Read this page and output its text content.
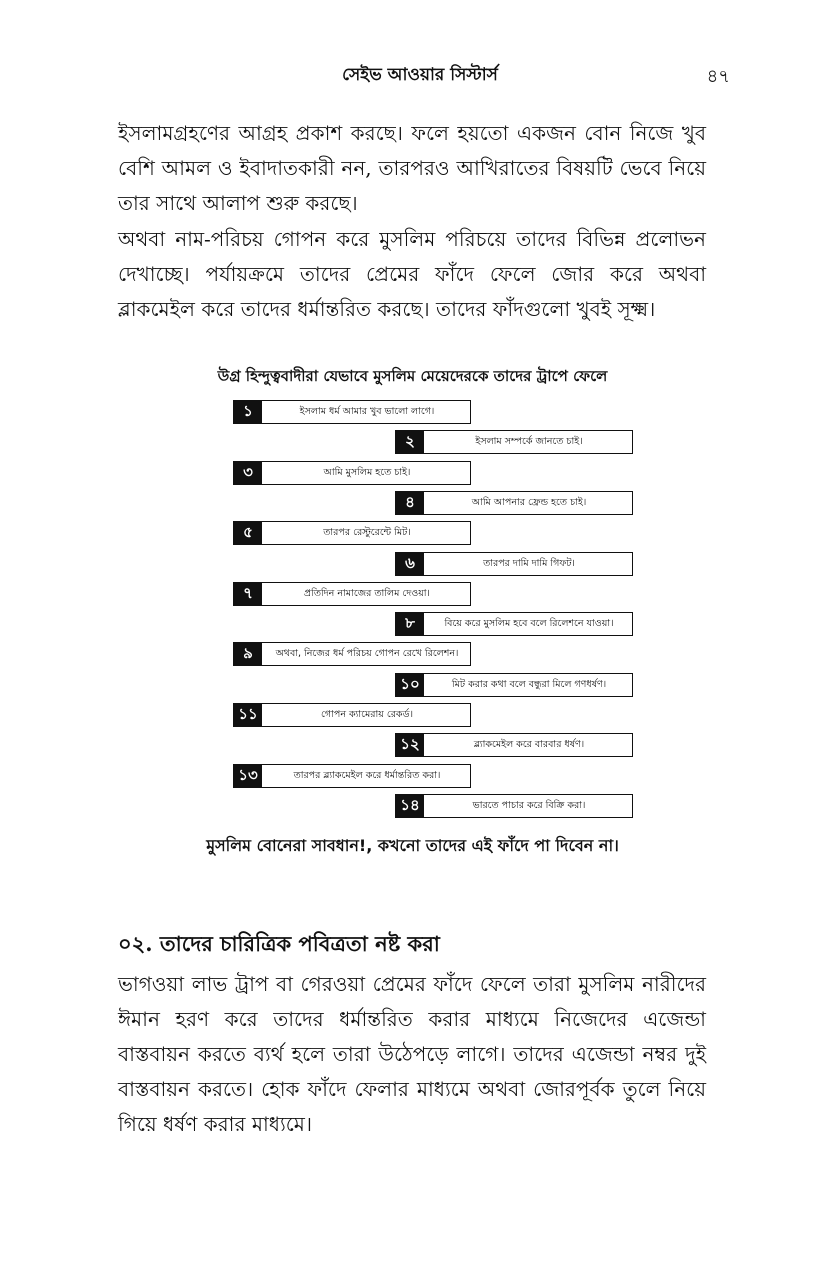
সেইভ আওয়ার সিস্টার্স	৪৭

ইসলামগ্রহণের আগ্রহ প্রকাশ করছে। ফলে হয়তো একজন বোন নিজে খুব বেশি আমল ও ইবাদাতকারী নন, তারপরও আখিরাতের বিষয়টি ভেবে নিয়ে তার সাথে আলাপ শুরু করছে।

অথবা নাম-পরিচয় গোপন করে মুসলিম পরিচয়ে তাদের বিভিন্ন প্রলোভন দেখাচ্ছে। পর্যায়ক্রমে তাদের প্রেমের ফাঁদে ফেলে জোর করে অথবা ব্লাকমেইল করে তাদের ধর্মান্তরিত করছে। তাদের ফাঁদগুলো খুবই সূক্ষ্ম।

উগ্র হিন্দুত্ববাদীরা যেভাবে মুসলিম মেয়েদেরকে তাদের ট্রাপে ফেলে
১	ইসলাম ধর্ম আমার খুব ভালো লাগে।
২	ইসলাম সম্পর্কে জানতে চাই।
৩	আমি মুসলিম হতে চাই।
৪	আমি আপনার ফ্রেন্ড হতে চাই।
৫	তারপর রেস্টুরেন্টে মিট।
৬	তারপর দামি দামি গিফট।
৭	প্রতিদিন নামাজের তালিম দেওয়া।
৮	বিয়ে করে মুসলিম হবে বলে রিলেশনে যাওয়া।
৯	অথবা, নিজের ধর্ম পরিচয় গোপন রেখে রিলেশন।
১০	মিট করার কথা বলে বন্ধুরা মিলে গণধর্ষণ।
১১	গোপন ক্যামেরায় রেকর্ড।
১২	ব্ল্যাকমেইল করে বারবার ধর্ষণ।
১৩	তারপর ব্ল্যাকমেইল করে ধর্মান্তরিত করা।
১৪	ভারতে পাচার করে বিক্রি করা।
মুসলিম বোনেরা সাবধান!, কখনো তাদের এই ফাঁদে পা দিবেন না।
০২. তাদের চারিত্রিক পবিত্রতা নষ্ট করা

ভাগওয়া লাভ ট্রাপ বা গেরওয়া প্রেমের ফাঁদে ফেলে তারা মুসলিম নারীদের ঈমান হরণ করে তাদের ধর্মান্তরিত করার মাধ্যমে নিজেদের এজেন্ডা বাস্তবায়ন করতে ব্যর্থ হলে তারা উঠেপড়ে লাগে। তাদের এজেন্ডা নম্বর দুই বাস্তবায়ন করতে। হোক ফাঁদে ফেলার মাধ্যমে অথবা জোরপূর্বক তুলে নিয়ে গিয়ে ধর্ষণ করার মাধ্যমে।
